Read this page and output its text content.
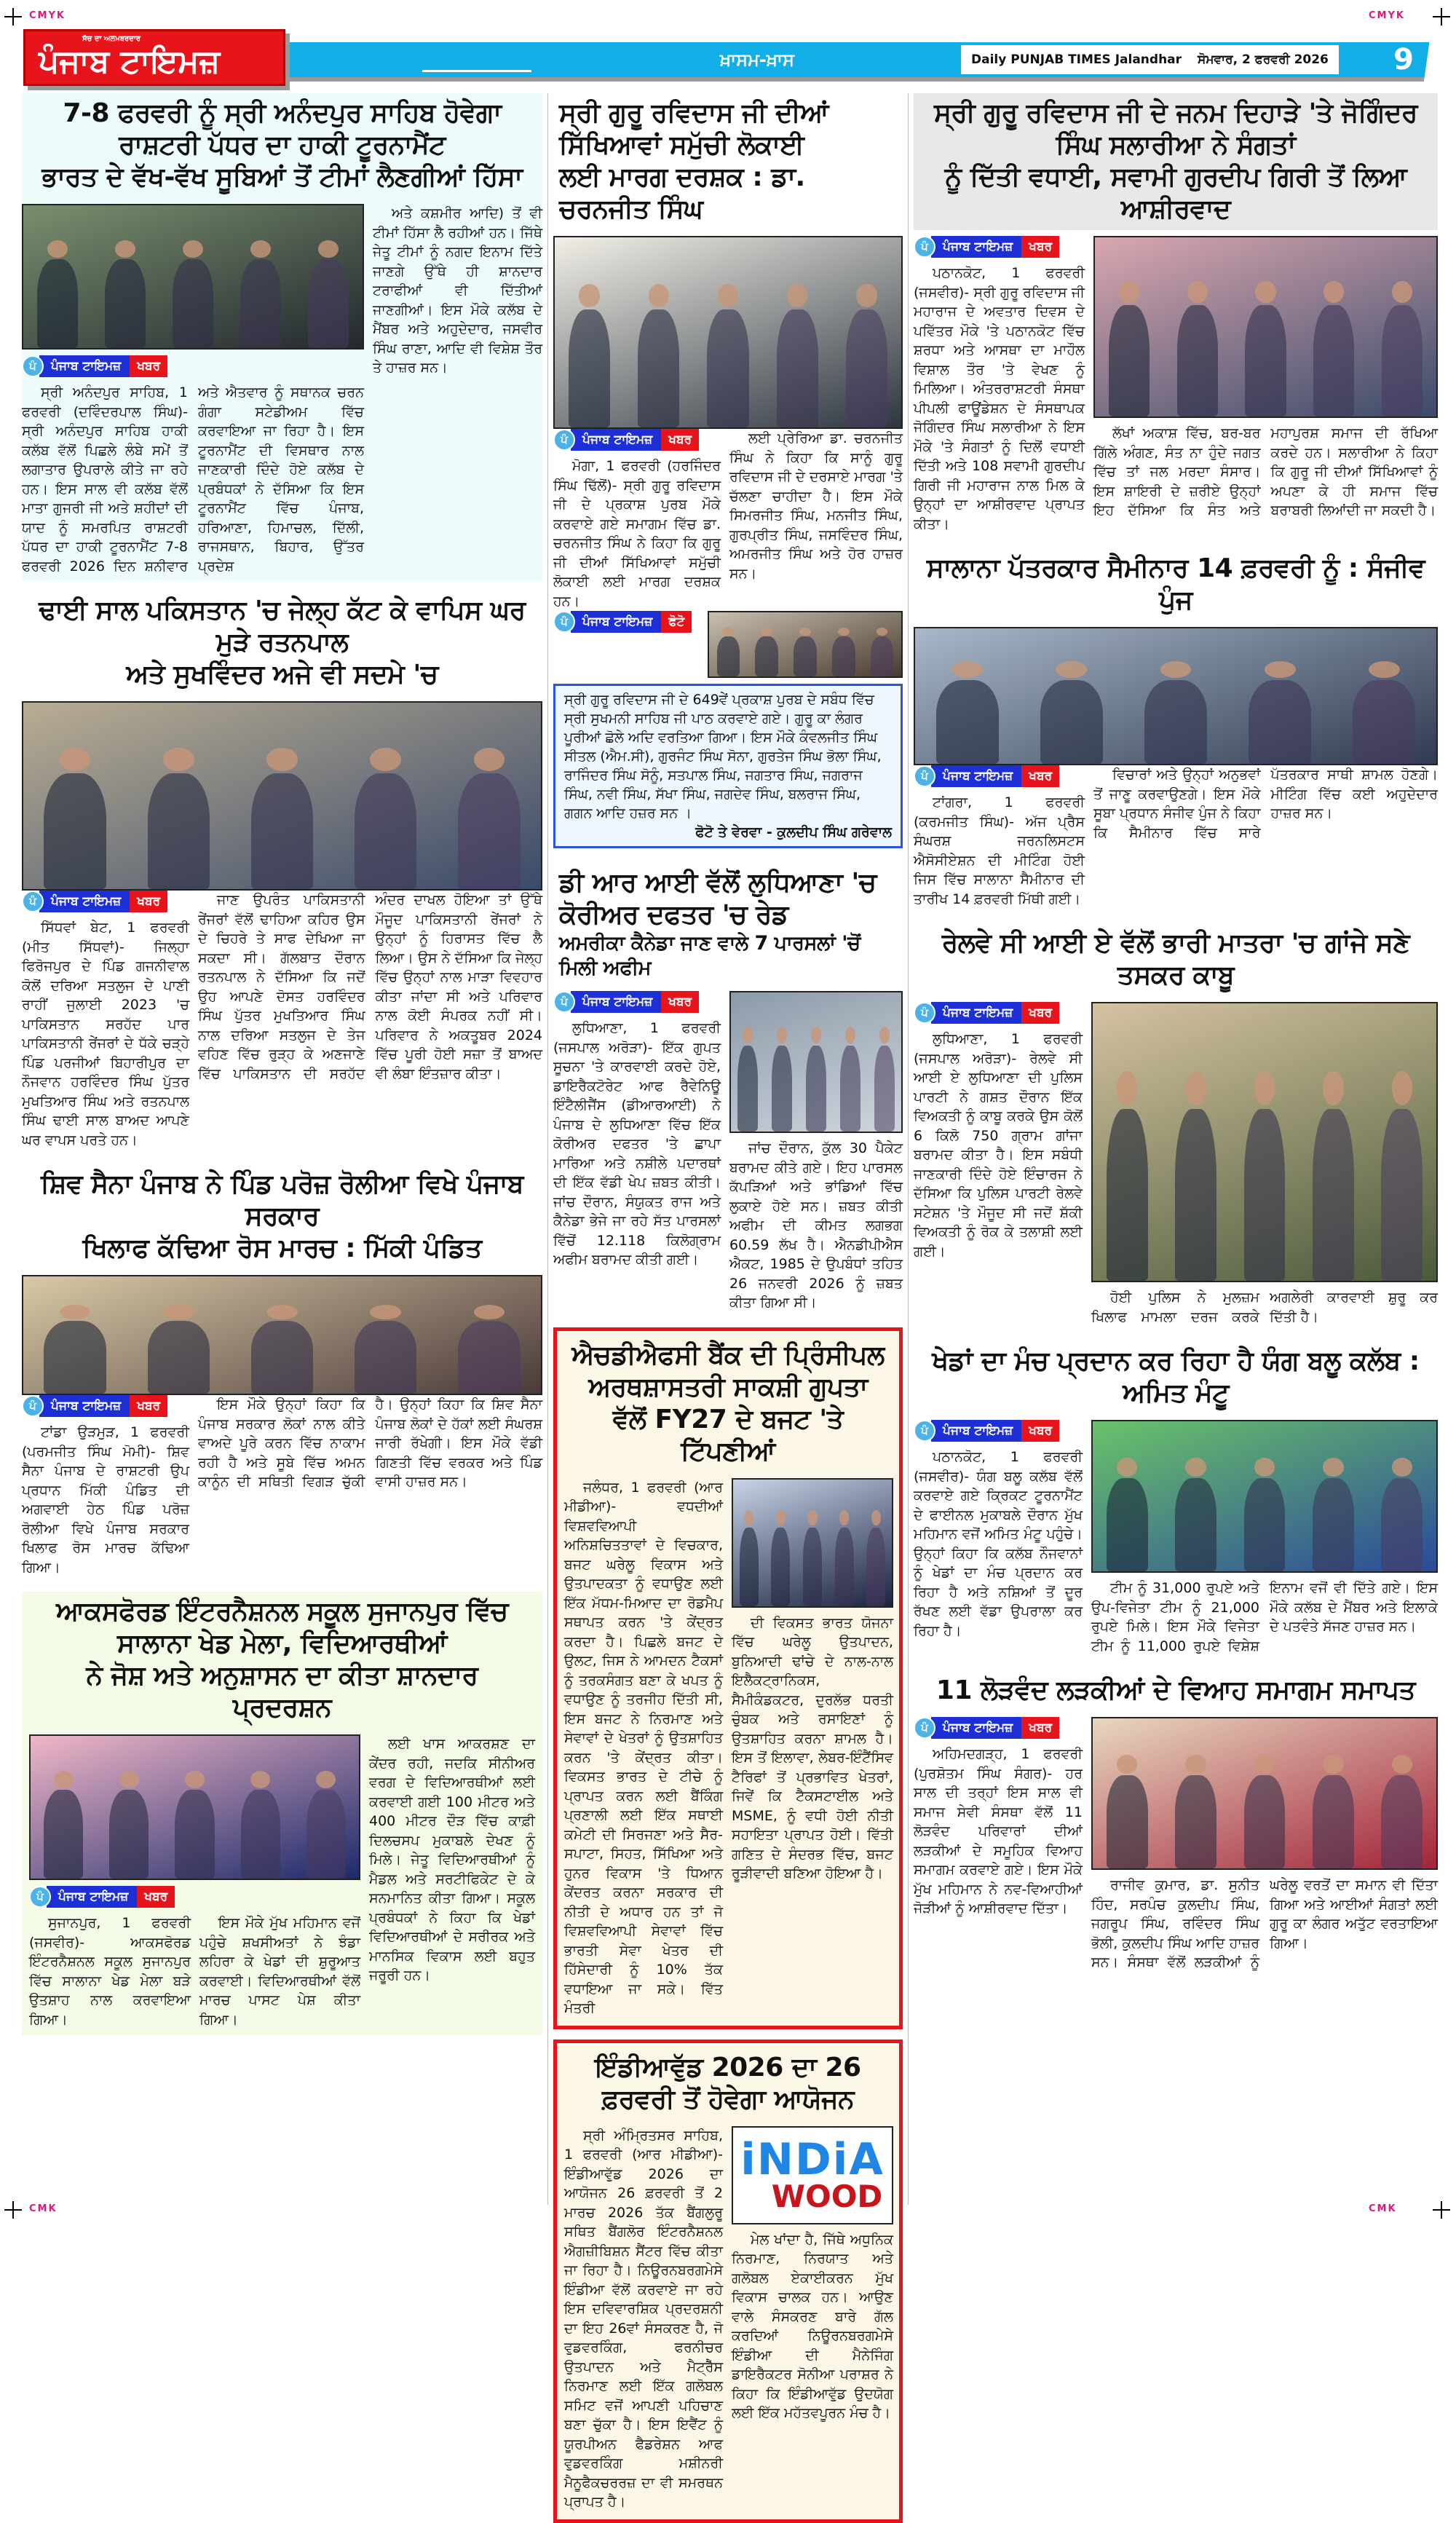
CMYK	CMYK
CMK	CMK
ਖ਼ਾਸਮ-ਖ਼ਾਸ	Daily PUNJAB TIMES Jalandhar ਸੋਮਵਾਰ, 2 ਫਰਵਰੀ 2026	9
ਸੱਚ ਦਾ ਅਲਮਬਰਦਾਰ
ਪੰਜਾਬ ਟਾਇਮਜ਼
7-8 ਫਰਵਰੀ ਨੂੰ ਸ੍ਰੀ ਅਨੰਦਪੁਰ ਸਾਹਿਬ ਹੋਵੇਗਾ ਰਾਸ਼ਟਰੀ ਪੱਧਰ ਦਾ ਹਾਕੀ ਟੂਰਨਾਮੈਂਟ
ਭਾਰਤ ਦੇ ਵੱਖ-ਵੱਖ ਸੂਬਿਆਂ ਤੋਂ ਟੀਮਾਂ ਲੈਣਗੀਆਂ ਹਿੱਸਾ
ਪੰ	ਪੰਜਾਬ ਟਾਇਮਜ਼	ਖਬਰ
ਸ੍ਰੀ ਅਨੰਦਪੁਰ ਸਾਹਿਬ, 1 ਫਰਵਰੀ (ਦਵਿੰਦਰਪਾਲ ਸਿੰਘ)- ਸ੍ਰੀ ਅਨੰਦਪੁਰ ਸਾਹਿਬ ਹਾਕੀ ਕਲੱਬ ਵੱਲੋਂ ਪਿਛਲੇ ਲੰਬੇ ਸਮੇਂ ਤੋਂ ਲਗਾਤਾਰ ਉਪਰਾਲੇ ਕੀਤੇ ਜਾ ਰਹੇ ਹਨ। ਇਸ ਸਾਲ ਵੀ ਕਲੱਬ ਵੱਲੋਂ ਮਾਤਾ ਗੁਜਰੀ ਜੀ ਅਤੇ ਸ਼ਹੀਦਾਂ ਦੀ ਯਾਦ ਨੂੰ ਸਮਰਪਿਤ ਰਾਸ਼ਟਰੀ ਪੱਧਰ ਦਾ ਹਾਕੀ ਟੂਰਨਾਮੈਂਟ 7-8 ਫਰਵਰੀ 2026 ਦਿਨ ਸ਼ਨੀਵਾਰ ਅਤੇ ਐਤਵਾਰ ਨੂੰ ਸਥਾਨਕ ਚਰਨ ਗੰਗਾ ਸਟੇਡੀਅਮ ਵਿੱਚ ਕਰਵਾਇਆ ਜਾ ਰਿਹਾ ਹੈ। ਇਸ ਟੂਰਨਾਮੈਂਟ ਦੀ ਵਿਸਥਾਰ ਨਾਲ ਜਾਣਕਾਰੀ ਦਿੰਦੇ ਹੋਏ ਕਲੱਬ ਦੇ ਪ੍ਰਬੰਧਕਾਂ ਨੇ ਦੱਸਿਆ ਕਿ ਇਸ ਟੂਰਨਾਮੈਂਟ ਵਿੱਚ ਪੰਜਾਬ, ਹਰਿਆਣਾ, ਹਿਮਾਚਲ, ਦਿੱਲੀ, ਰਾਜਸਥਾਨ, ਬਿਹਾਰ, ਉੱਤਰ ਪ੍ਰਦੇਸ਼
ਅਤੇ ਕਸ਼ਮੀਰ ਆਦਿ) ਤੋਂ ਵੀ ਟੀਮਾਂ ਹਿੱਸਾ ਲੈ ਰਹੀਆਂ ਹਨ। ਜਿੱਥੇ ਜੇਤੂ ਟੀਮਾਂ ਨੂੰ ਨਗਦ ਇਨਾਮ ਦਿੱਤੇ ਜਾਣਗੇ ਉੱਥੇ ਹੀ ਸ਼ਾਨਦਾਰ ਟਰਾਫੀਆਂ ਵੀ ਦਿੱਤੀਆਂ ਜਾਣਗੀਆਂ। ਇਸ ਮੌਕੇ ਕਲੱਬ ਦੇ ਮੈਂਬਰ ਅਤੇ ਅਹੁਦੇਦਾਰ, ਜਸਵੀਰ ਸਿੰਘ ਰਾਣਾ, ਆਦਿ ਵੀ ਵਿਸ਼ੇਸ਼ ਤੌਰ ਤੇ ਹਾਜ਼ਰ ਸਨ।
ਢਾਈ ਸਾਲ ਪਕਿਸਤਾਨ 'ਚ ਜੇਲ੍ਹ ਕੱਟ ਕੇ ਵਾਪਿਸ ਘਰ ਮੁੜੇ ਰਤਨਪਾਲ
ਅਤੇ ਸੁਖਵਿੰਦਰ ਅਜੇ ਵੀ ਸਦਮੇ 'ਚ
ਪੰ	ਪੰਜਾਬ ਟਾਇਮਜ਼	ਖਬਰ
ਸਿੱਧਵਾਂ ਬੇਟ, 1 ਫਰਵਰੀ (ਮੀਤ ਸਿੱਧਵਾਂ)- ਜਿਲ੍ਹਾ ਫਿਰੋਜਪੁਰ ਦੇ ਪਿੰਡ ਗਜਨੀਵਾਲ ਕੋਲੋਂ ਦਰਿਆ ਸਤਲੁਜ ਦੇ ਪਾਣੀ ਰਾਹੀਂ ਜੁਲਾਈ 2023 'ਚ ਪਾਕਿਸਤਾਨ ਸਰਹੱਦ ਪਾਰ ਪਾਕਿਸਤਾਨੀ ਰੇਂਜਰਾਂ ਦੇ ਧੱਕੇ ਚੜ੍ਹੇ ਪਿੰਡ ਪਰਜੀਆਂ ਬਿਹਾਰੀਪੁਰ ਦਾ ਨੌਜਵਾਨ ਹਰਵਿੰਦਰ ਸਿੰਘ ਪੁੱਤਰ ਮੁਖਤਿਆਰ ਸਿੰਘ ਅਤੇ ਰਤਨਪਾਲ ਸਿੰਘ ਢਾਈ ਸਾਲ ਬਾਅਦ ਆਪਣੇ ਘਰ ਵਾਪਸ ਪਰਤੇ ਹਨ।
ਜਾਣ ਉਪਰੰਤ ਪਾਕਿਸਤਾਨੀ ਰੇਂਜਰਾਂ ਵੱਲੋਂ ਢਾਹਿਆ ਕਹਿਰ ਉਸ ਦੇ ਚਿਹਰੇ ਤੇ ਸਾਫ ਦੇਖਿਆ ਜਾ ਸਕਦਾ ਸੀ। ਗੱਲਬਾਤ ਦੌਰਾਨ ਰਤਨਪਾਲ ਨੇ ਦੱਸਿਆ ਕਿ ਜਦੋਂ ਉਹ ਆਪਣੇ ਦੋਸਤ ਹਰਵਿੰਦਰ ਸਿੰਘ ਪੁੱਤਰ ਮੁਖਤਿਆਰ ਸਿੰਘ ਨਾਲ ਦਰਿਆ ਸਤਲੁਜ ਦੇ ਤੇਜ ਵਹਿਣ ਵਿੱਚ ਰੁੜ੍ਹ ਕੇ ਅਣਜਾਣੇ ਵਿੱਚ ਪਾਕਿਸਤਾਨ ਦੀ ਸਰਹੱਦ ਅੰਦਰ ਦਾਖਲ ਹੋਇਆ ਤਾਂ ਉੱਥੇ ਮੌਜੂਦ ਪਾਕਿਸਤਾਨੀ ਰੇਂਜਰਾਂ ਨੇ ਉਨ੍ਹਾਂ ਨੂੰ ਹਿਰਾਸਤ ਵਿੱਚ ਲੈ ਲਿਆ। ਉਸ ਨੇ ਦੱਸਿਆ ਕਿ ਜੇਲ੍ਹ ਵਿੱਚ ਉਨ੍ਹਾਂ ਨਾਲ ਮਾੜਾ ਵਿਵਹਾਰ ਕੀਤਾ ਜਾਂਦਾ ਸੀ ਅਤੇ ਪਰਿਵਾਰ ਨਾਲ ਕੋਈ ਸੰਪਰਕ ਨਹੀਂ ਸੀ। ਪਰਿਵਾਰ ਨੇ ਅਕਤੂਬਰ 2024 ਵਿੱਚ ਪੂਰੀ ਹੋਈ ਸਜ਼ਾ ਤੋਂ ਬਾਅਦ ਵੀ ਲੰਬਾ ਇੰਤਜ਼ਾਰ ਕੀਤਾ।
ਸ਼ਿਵ ਸੈਨਾ ਪੰਜਾਬ ਨੇ ਪਿੰਡ ਪਰੋਜ਼ ਰੋਲੀਆ ਵਿਖੇ ਪੰਜਾਬ ਸਰਕਾਰ
ਖਿਲਾਫ ਕੱਢਿਆ ਰੋਸ ਮਾਰਚ : ਮਿੱਕੀ ਪੰਡਿਤ
ਪੰ	ਪੰਜਾਬ ਟਾਇਮਜ਼	ਖਬਰ
ਟਾਂਡਾ ਉੜਮੁੜ, 1 ਫਰਵਰੀ (ਪਰਮਜੀਤ ਸਿੰਘ ਮੋਮੀ)- ਸ਼ਿਵ ਸੈਨਾ ਪੰਜਾਬ ਦੇ ਰਾਸ਼ਟਰੀ ਉਪ ਪ੍ਰਧਾਨ ਮਿੱਕੀ ਪੰਡਿਤ ਦੀ ਅਗਵਾਈ ਹੇਠ ਪਿੰਡ ਪਰੋਜ਼ ਰੋਲੀਆ ਵਿਖੇ ਪੰਜਾਬ ਸਰਕਾਰ ਖਿਲਾਫ ਰੋਸ ਮਾਰਚ ਕੱਢਿਆ ਗਿਆ।
ਇਸ ਮੌਕੇ ਉਨ੍ਹਾਂ ਕਿਹਾ ਕਿ ਪੰਜਾਬ ਸਰਕਾਰ ਲੋਕਾਂ ਨਾਲ ਕੀਤੇ ਵਾਅਦੇ ਪੂਰੇ ਕਰਨ ਵਿੱਚ ਨਾਕਾਮ ਰਹੀ ਹੈ ਅਤੇ ਸੂਬੇ ਵਿੱਚ ਅਮਨ ਕਾਨੂੰਨ ਦੀ ਸਥਿਤੀ ਵਿਗੜ ਚੁੱਕੀ ਹੈ। ਉਨ੍ਹਾਂ ਕਿਹਾ ਕਿ ਸ਼ਿਵ ਸੈਨਾ ਪੰਜਾਬ ਲੋਕਾਂ ਦੇ ਹੱਕਾਂ ਲਈ ਸੰਘਰਸ਼ ਜਾਰੀ ਰੱਖੇਗੀ। ਇਸ ਮੌਕੇ ਵੱਡੀ ਗਿਣਤੀ ਵਿੱਚ ਵਰਕਰ ਅਤੇ ਪਿੰਡ ਵਾਸੀ ਹਾਜ਼ਰ ਸਨ।
ਆਕਸਫੋਰਡ ਇੰਟਰਨੈਸ਼ਨਲ ਸਕੂਲ ਸੁਜਾਨਪੁਰ ਵਿੱਚ ਸਾਲਾਨਾ ਖੇਡ ਮੇਲਾ, ਵਿਦਿਆਰਥੀਆਂ
ਨੇ ਜੋਸ਼ ਅਤੇ ਅਨੁਸ਼ਾਸਨ ਦਾ ਕੀਤਾ ਸ਼ਾਨਦਾਰ ਪ੍ਰਦਰਸ਼ਨ
ਪੰ	ਪੰਜਾਬ ਟਾਇਮਜ਼	ਖਬਰ
ਸੁਜਾਨਪੁਰ, 1 ਫਰਵਰੀ (ਜਸਵੀਰ)- ਆਕਸਫੋਰਡ ਇੰਟਰਨੈਸ਼ਨਲ ਸਕੂਲ ਸੁਜਾਨਪੁਰ ਵਿੱਚ ਸਾਲਾਨਾ ਖੇਡ ਮੇਲਾ ਬੜੇ ਉਤਸ਼ਾਹ ਨਾਲ ਕਰਵਾਇਆ ਗਿਆ।
ਇਸ ਮੌਕੇ ਮੁੱਖ ਮਹਿਮਾਨ ਵਜੋਂ ਪਹੁੰਚੇ ਸ਼ਖਸੀਅਤਾਂ ਨੇ ਝੰਡਾ ਲਹਿਰਾ ਕੇ ਖੇਡਾਂ ਦੀ ਸ਼ੁਰੂਆਤ ਕਰਵਾਈ। ਵਿਦਿਆਰਥੀਆਂ ਵੱਲੋਂ ਮਾਰਚ ਪਾਸਟ ਪੇਸ਼ ਕੀਤਾ ਗਿਆ।
ਲਈ ਖਾਸ ਆਕਰਸ਼ਣ ਦਾ ਕੇਂਦਰ ਰਹੀ, ਜਦਕਿ ਸੀਨੀਅਰ ਵਰਗ ਦੇ ਵਿਦਿਆਰਥੀਆਂ ਲਈ ਕਰਵਾਈ ਗਈ 100 ਮੀਟਰ ਅਤੇ 400 ਮੀਟਰ ਦੌੜ ਵਿੱਚ ਕਾਫ਼ੀ ਦਿਲਚਸਪ ਮੁਕਾਬਲੇ ਦੇਖਣ ਨੂੰ ਮਿਲੇ। ਜੇਤੂ ਵਿਦਿਆਰਥੀਆਂ ਨੂੰ ਮੈਡਲ ਅਤੇ ਸਰਟੀਫਿਕੇਟ ਦੇ ਕੇ ਸਨਮਾਨਿਤ ਕੀਤਾ ਗਿਆ। ਸਕੂਲ ਪ੍ਰਬੰਧਕਾਂ ਨੇ ਕਿਹਾ ਕਿ ਖੇਡਾਂ ਵਿਦਿਆਰਥੀਆਂ ਦੇ ਸਰੀਰਕ ਅਤੇ ਮਾਨਸਿਕ ਵਿਕਾਸ ਲਈ ਬਹੁਤ ਜਰੂਰੀ ਹਨ।
ਸ੍ਰੀ ਗੁਰੂ ਰਵਿਦਾਸ ਜੀ ਦੀਆਂ ਸਿੱਖਿਆਵਾਂ ਸਮੁੱਚੀ ਲੋਕਾਈ
ਲਈ ਮਾਰਗ ਦਰਸ਼ਕ : ਡਾ. ਚਰਨਜੀਤ ਸਿੰਘ
ਪੰ	ਪੰਜਾਬ ਟਾਇਮਜ਼	ਖਬਰ
ਮੋਗਾ, 1 ਫਰਵਰੀ (ਹਰਜਿੰਦਰ ਸਿੰਘ ਢਿੱਲੋਂ)- ਸ੍ਰੀ ਗੁਰੂ ਰਵਿਦਾਸ ਜੀ ਦੇ ਪ੍ਰਕਾਸ਼ ਪੁਰਬ ਮੌਕੇ ਕਰਵਾਏ ਗਏ ਸਮਾਗਮ ਵਿੱਚ ਡਾ. ਚਰਨਜੀਤ ਸਿੰਘ ਨੇ ਕਿਹਾ ਕਿ ਗੁਰੂ ਜੀ ਦੀਆਂ ਸਿੱਖਿਆਵਾਂ ਸਮੁੱਚੀ ਲੋਕਾਈ ਲਈ ਮਾਰਗ ਦਰਸ਼ਕ ਹਨ।
ਲਈ ਪ੍ਰੇਰਿਆ ਡਾ. ਚਰਨਜੀਤ ਸਿੰਘ ਨੇ ਕਿਹਾ ਕਿ ਸਾਨੂੰ ਗੁਰੂ ਰਵਿਦਾਸ ਜੀ ਦੇ ਦਰਸਾਏ ਮਾਰਗ 'ਤੇ ਚੱਲਣਾ ਚਾਹੀਦਾ ਹੈ। ਇਸ ਮੌਕੇ ਸਿਮਰਜੀਤ ਸਿੰਘ, ਮਨਜੀਤ ਸਿੰਘ, ਗੁਰਪ੍ਰੀਤ ਸਿੰਘ, ਜਸਵਿੰਦਰ ਸਿੰਘ, ਅਮਰਜੀਤ ਸਿੰਘ ਅਤੇ ਹੋਰ ਹਾਜ਼ਰ ਸਨ।
ਪੰ	ਪੰਜਾਬ ਟਾਇਮਜ਼	ਫੋਟੋ
ਸ੍ਰੀ ਗੁਰੂ ਰਵਿਦਾਸ ਜੀ ਦੇ 649ਵੇਂ ਪ੍ਰਕਾਸ਼ ਪੁਰਬ ਦੇ ਸਬੰਧ ਵਿੱਚ ਸ੍ਰੀ ਸੁਖਮਨੀ ਸਾਹਿਬ ਜੀ ਪਾਠ ਕਰਵਾਏ ਗਏ। ਗੁਰੂ ਕਾ ਲੰਗਰ ਪੂਰੀਆਂ ਛੋਲੇ ਅਦਿ ਵਰਤਿਆ ਗਿਆ। ਇਸ ਮੌਕੇ ਕੰਵਲਜੀਤ ਸਿੰਘ ਸੀਤਲ (ਐਮ.ਸੀ), ਗੁਰਜੰਟ ਸਿੰਘ ਸੋਨਾ, ਗੁਰਤੇਜ ਸਿੰਘ ਭੋਲਾ ਸਿੰਘ, ਰਾਜਿੰਦਰ ਸਿੰਘ ਸੋਨੂੰ, ਸਤਪਾਲ ਸਿੰਘ, ਜਗਤਾਰ ਸਿੰਘ, ਜਗਰਾਜ ਸਿੰਘ, ਨਵੀ ਸਿੰਘ, ਸੱਖਾ ਸਿੰਘ, ਜਗਦੇਵ ਸਿੰਘ, ਬਲਰਾਜ ਸਿੰਘ, ਗਗਨ ਆਦਿ ਹਜ਼ਰ ਸਨ ।
ਫੋਟੋ ਤੇ ਵੇਰਵਾ - ਕੁਲਦੀਪ ਸਿੰਘ ਗਰੇਵਾਲ
ਡੀ ਆਰ ਆਈ ਵੱਲੋਂ ਲੁਧਿਆਣਾ 'ਚ ਕੋਰੀਅਰ ਦਫਤਰ 'ਚ ਰੇਡ
ਅਮਰੀਕਾ ਕੈਨੇਡਾ ਜਾਣ ਵਾਲੇ 7 ਪਾਰਸਲਾਂ 'ਚੋਂ ਮਿਲੀ ਅਫੀਮ
ਪੰ	ਪੰਜਾਬ ਟਾਇਮਜ਼	ਖਬਰ
ਲੁਧਿਆਣਾ, 1 ਫਰਵਰੀ (ਜਸਪਾਲ ਅਰੋੜਾ)- ਇੱਕ ਗੁਪਤ ਸੂਚਨਾ 'ਤੇ ਕਾਰਵਾਈ ਕਰਦੇ ਹੋਏ, ਡਾਇਰੈਕਟੋਰੇਟ ਆਫ ਰੈਵੇਨਿਊ ਇੰਟੈਲੀਜੈਂਸ (ਡੀਆਰਆਈ) ਨੇ ਪੰਜਾਬ ਦੇ ਲੁਧਿਆਣਾ ਵਿੱਚ ਇੱਕ ਕੋਰੀਅਰ ਦਫਤਰ 'ਤੇ ਛਾਪਾ ਮਾਰਿਆ ਅਤੇ ਨਸ਼ੀਲੇ ਪਦਾਰਥਾਂ ਦੀ ਇੱਕ ਵੱਡੀ ਖੇਪ ਜ਼ਬਤ ਕੀਤੀ। ਜਾਂਚ ਦੌਰਾਨ, ਸੰਯੁਕਤ ਰਾਜ ਅਤੇ ਕੈਨੇਡਾ ਭੇਜੇ ਜਾ ਰਹੇ ਸੱਤ ਪਾਰਸਲਾਂ ਵਿੱਚੋਂ 12.118 ਕਿਲੋਗ੍ਰਾਮ ਅਫੀਮ ਬਰਾਮਦ ਕੀਤੀ ਗਈ।
ਜਾਂਚ ਦੌਰਾਨ, ਕੁੱਲ 30 ਪੈਕੇਟ ਬਰਾਮਦ ਕੀਤੇ ਗਏ। ਇਹ ਪਾਰਸਲ ਕੱਪੜਿਆਂ ਅਤੇ ਭਾਂਡਿਆਂ ਵਿੱਚ ਲੁਕਾਏ ਹੋਏ ਸਨ। ਜ਼ਬਤ ਕੀਤੀ ਅਫੀਮ ਦੀ ਕੀਮਤ ਲਗਭਗ 60.59 ਲੱਖ ਹੈ। ਐਨਡੀਪੀਐਸ ਐਕਟ, 1985 ਦੇ ਉਪਬੰਧਾਂ ਤਹਿਤ 26 ਜਨਵਰੀ 2026 ਨੂੰ ਜ਼ਬਤ ਕੀਤਾ ਗਿਆ ਸੀ।
ਐਚਡੀਐਫਸੀ ਬੈਂਕ ਦੀ ਪ੍ਰਿੰਸੀਪਲ ਅਰਥਸ਼ਾਸਤਰੀ ਸਾਕਸ਼ੀ ਗੁਪਤਾ
ਵੱਲੋਂ FY27 ਦੇ ਬਜਟ 'ਤੇ ਟਿੱਪਣੀਆਂ
ਜਲੰਧਰ, 1 ਫਰਵਰੀ (ਆਰ ਮੀਡੀਆ)- ਵਧਦੀਆਂ ਵਿਸ਼ਵਵਿਆਪੀ ਅਨਿਸ਼ਚਿਤਤਾਵਾਂ ਦੇ ਵਿਚਕਾਰ, ਬਜਟ ਘਰੇਲੂ ਵਿਕਾਸ ਅਤੇ ਉਤਪਾਦਕਤਾ ਨੂੰ ਵਧਾਉਣ ਲਈ ਇੱਕ ਮੱਧਮ-ਮਿਆਦ ਦਾ ਰੋਡਮੈਪ ਸਥਾਪਤ ਕਰਨ 'ਤੇ ਕੇਂਦ੍ਰਤ ਕਰਦਾ ਹੈ। ਪਿਛਲੇ ਬਜਟ ਦੇ ਉਲਟ, ਜਿਸ ਨੇ ਆਮਦਨ ਟੈਕਸਾਂ ਨੂੰ ਤਰਕਸੰਗਤ ਬਣਾ ਕੇ ਖਪਤ ਨੂੰ ਵਧਾਉਣ ਨੂੰ ਤਰਜੀਹ ਦਿੱਤੀ ਸੀ, ਇਸ ਬਜਟ ਨੇ ਨਿਰਮਾਣ ਅਤੇ ਸੇਵਾਵਾਂ ਦੇ ਖੇਤਰਾਂ ਨੂੰ ਉਤਸ਼ਾਹਿਤ ਕਰਨ 'ਤੇ ਕੇਂਦ੍ਰਤ ਕੀਤਾ। ਵਿਕਸਤ ਭਾਰਤ ਦੇ ਟੀਚੇ ਨੂੰ ਪ੍ਰਾਪਤ ਕਰਨ ਲਈ ਬੈਂਕਿੰਗ ਪ੍ਰਣਾਲੀ ਲਈ ਇੱਕ ਸਥਾਈ ਕਮੇਟੀ ਦੀ ਸਿਰਜਣਾ ਅਤੇ ਸੈਰ-ਸਪਾਟਾ, ਸਿਹਤ, ਸਿੱਖਿਆ ਅਤੇ ਹੁਨਰ ਵਿਕਾਸ 'ਤੇ ਧਿਆਨ ਕੇਂਦਰਤ ਕਰਨਾ ਸਰਕਾਰ ਦੀ ਨੀਤੀ ਦੇ ਅਧਾਰ ਹਨ ਤਾਂ ਜੋ ਵਿਸ਼ਵਵਿਆਪੀ ਸੇਵਾਵਾਂ ਵਿੱਚ ਭਾਰਤੀ ਸੇਵਾ ਖੇਤਰ ਦੀ ਹਿੱਸੇਦਾਰੀ ਨੂੰ 10% ਤੱਕ ਵਧਾਇਆ ਜਾ ਸਕੇ। ਵਿੱਤ ਮੰਤਰੀ
ਦੀ ਵਿਕਸਤ ਭਾਰਤ ਯੋਜਨਾ ਵਿੱਚ ਘਰੇਲੂ ਉਤਪਾਦਨ, ਬੁਨਿਆਦੀ ਢਾਂਚੇ ਦੇ ਨਾਲ-ਨਾਲ ਇਲੈਕਟ੍ਰਾਨਿਕਸ, ਸੈਮੀਕੰਡਕਟਰ, ਦੁਰਲੱਭ ਧਰਤੀ ਚੁੰਬਕ ਅਤੇ ਰਸਾਇਣਾਂ ਨੂੰ ਉਤਸ਼ਾਹਿਤ ਕਰਨਾ ਸ਼ਾਮਲ ਹੈ। ਇਸ ਤੋਂ ਇਲਾਵਾ, ਲੇਬਰ-ਇੰਟੈਂਸਿਵ ਟੈਰਿਫਾਂ ਤੋਂ ਪ੍ਰਭਾਵਿਤ ਖੇਤਰਾਂ, ਜਿਵੇਂ ਕਿ ਟੈਕਸਟਾਈਲ ਅਤੇ MSME, ਨੂੰ ਵਧੀ ਹੋਈ ਨੀਤੀ ਸਹਾਇਤਾ ਪ੍ਰਾਪਤ ਹੋਈ। ਵਿੱਤੀ ਗਣਿਤ ਦੇ ਸੰਦਰਭ ਵਿੱਚ, ਬਜਟ ਰੂੜੀਵਾਦੀ ਬਣਿਆ ਹੋਇਆ ਹੈ।
ਇੰਡੀਆਵੁੱਡ 2026 ਦਾ 26 ਫ਼ਰਵਰੀ ਤੋਂ ਹੋਵੇਗਾ ਆਯੋਜਨ
ਸ੍ਰੀ ਅੰਮ੍ਰਿਤਸਰ ਸਾਹਿਬ, 1 ਫਰਵਰੀ (ਆਰ ਮੀਡੀਆ)- ਇੰਡੀਆਵੁੱਡ 2026 ਦਾ ਆਯੋਜਨ 26 ਫ਼ਰਵਰੀ ਤੋਂ 2 ਮਾਰਚ 2026 ਤੱਕ ਬੈਂਗਲੁਰੂ ਸਥਿਤ ਬੈਂਗਲੋਰ ਇੰਟਰਨੈਸ਼ਨਲ ਐਗਜ਼ੀਬਿਸ਼ਨ ਸੈਂਟਰ ਵਿੱਚ ਕੀਤਾ ਜਾ ਰਿਹਾ ਹੈ। ਨਿਊਰਨਬਰਗਮੇਸੇ ਇੰਡੀਆ ਵੱਲੋਂ ਕਰਵਾਏ ਜਾ ਰਹੇ ਇਸ ਦਵਿਵਾਰਸ਼ਿਕ ਪ੍ਰਦਰਸ਼ਨੀ ਦਾ ਇਹ 26ਵਾਂ ਸੰਸਕਰਣ ਹੈ, ਜੋ ਵੁਡਵਰਕਿੰਗ, ਫਰਨੀਚਰ ਉਤਪਾਦਨ ਅਤੇ ਮੈਟ੍ਰੈੱਸ ਨਿਰਮਾਣ ਲਈ ਇੱਕ ਗਲੋਬਲ ਸਮਿਟ ਵਜੋਂ ਆਪਣੀ ਪਹਿਚਾਣ ਬਣਾ ਚੁੱਕਾ ਹੈ। ਇਸ ਇਵੈਂਟ ਨੂੰ ਯੂਰਪੀਅਨ ਫੈਡਰੇਸ਼ਨ ਆਫ ਵੁਡਵਰਕਿੰਗ ਮਸ਼ੀਨਰੀ ਮੈਨੂਫੈਕਚਰਰਜ਼ ਦਾ ਵੀ ਸਮਰਥਨ ਪ੍ਰਾਪਤ ਹੈ।
iNDiA
WOOD
ਮੇਲ ਖਾਂਦਾ ਹੈ, ਜਿੱਥੇ ਅਧੁਨਿਕ ਨਿਰਮਾਣ, ਨਿਰਯਾਤ ਅਤੇ ਗਲੋਬਲ ਏਕਾਈਕਰਨ ਮੁੱਖ ਵਿਕਾਸ ਚਾਲਕ ਹਨ। ਆਉਣ ਵਾਲੇ ਸੰਸਕਰਣ ਬਾਰੇ ਗੱਲ ਕਰਦਿਆਂ ਨਿਊਰਨਬਰਗਮੇਸੇ ਇੰਡੀਆ ਦੀ ਮੈਨੇਜਿੰਗ ਡਾਇਰੈਕਟਰ ਸੋਨੀਆ ਪਰਾਸ਼ਰ ਨੇ ਕਿਹਾ ਕਿ ਇੰਡੀਆਵੁੱਡ ਉਦਯੋਗ ਲਈ ਇੱਕ ਮਹੱਤਵਪੂਰਨ ਮੰਚ ਹੈ।
ਸ੍ਰੀ ਗੁਰੂ ਰਵਿਦਾਸ ਜੀ ਦੇ ਜਨਮ ਦਿਹਾੜੇ 'ਤੇ ਜੋਗਿੰਦਰ ਸਿੰਘ ਸਲਾਰੀਆ ਨੇ ਸੰਗਤਾਂ
ਨੂੰ ਦਿੱਤੀ ਵਧਾਈ, ਸਵਾਮੀ ਗੁਰਦੀਪ ਗਿਰੀ ਤੋਂ ਲਿਆ ਆਸ਼ੀਰਵਾਦ
ਪੰ	ਪੰਜਾਬ ਟਾਇਮਜ਼	ਖਬਰ
ਪਠਾਨਕੋਟ, 1 ਫਰਵਰੀ (ਜਸਵੀਰ)- ਸ੍ਰੀ ਗੁਰੂ ਰਵਿਦਾਸ ਜੀ ਮਹਾਰਾਜ ਦੇ ਅਵਤਾਰ ਦਿਵਸ ਦੇ ਪਵਿੱਤਰ ਮੌਕੇ 'ਤੇ ਪਠਾਨਕੋਟ ਵਿੱਚ ਸ਼ਰਧਾ ਅਤੇ ਆਸਥਾ ਦਾ ਮਾਹੌਲ ਵਿਸ਼ਾਲ ਤੌਰ 'ਤੇ ਵੇਖਣ ਨੂੰ ਮਿਲਿਆ। ਅੰਤਰਰਾਸ਼ਟਰੀ ਸੰਸਥਾ ਪੀਪਲੀ ਫਾਊਂਡੇਸ਼ਨ ਦੇ ਸੰਸਥਾਪਕ ਜੋਗਿੰਦਰ ਸਿੰਘ ਸਲਾਰੀਆ ਨੇ ਇਸ ਮੌਕੇ 'ਤੇ ਸੰਗਤਾਂ ਨੂੰ ਦਿਲੋਂ ਵਧਾਈ ਦਿੱਤੀ ਅਤੇ 108 ਸਵਾਮੀ ਗੁਰਦੀਪ ਗਿਰੀ ਜੀ ਮਹਾਰਾਜ ਨਾਲ ਮਿਲ ਕੇ ਉਨ੍ਹਾਂ ਦਾ ਆਸ਼ੀਰਵਾਦ ਪ੍ਰਾਪਤ ਕੀਤਾ।
ਲੱਖਾਂ ਅਕਾਸ਼ ਵਿੱਚ, ਬਰ-ਬਰ ਗਿੱਲੇ ਅੰਗਣ, ਸੰਤ ਨਾ ਹੁੰਦੇ ਜਗਤ ਵਿੱਚ ਤਾਂ ਜਲ ਮਰਦਾ ਸੰਸਾਰ। ਇਸ ਸ਼ਾਇਰੀ ਦੇ ਜ਼ਰੀਏ ਉਨ੍ਹਾਂ ਇਹ ਦੱਸਿਆ ਕਿ ਸੰਤ ਅਤੇ ਮਹਾਪੁਰਸ਼ ਸਮਾਜ ਦੀ ਰੱਖਿਆ ਕਰਦੇ ਹਨ। ਸਲਾਰੀਆ ਨੇ ਕਿਹਾ ਕਿ ਗੁਰੂ ਜੀ ਦੀਆਂ ਸਿੱਖਿਆਵਾਂ ਨੂੰ ਅਪਣਾ ਕੇ ਹੀ ਸਮਾਜ ਵਿੱਚ ਬਰਾਬਰੀ ਲਿਆਂਦੀ ਜਾ ਸਕਦੀ ਹੈ।
ਸਾਲਾਨਾ ਪੱਤਰਕਾਰ ਸੈਮੀਨਾਰ 14 ਫ਼ਰਵਰੀ ਨੂੰ : ਸੰਜੀਵ ਪੁੰਜ
ਪੰ	ਪੰਜਾਬ ਟਾਇਮਜ਼	ਖਬਰ
ਟਾਂਗਰਾ, 1 ਫਰਵਰੀ (ਕਰਮਜੀਤ ਸਿੰਘ)- ਅੱਜ ਪ੍ਰੈਸ ਸੰਘਰਸ਼ ਜਰਨਲਿਸਟਸ ਐਸੋਸੀਏਸ਼ਨ ਦੀ ਮੀਟਿੰਗ ਹੋਈ ਜਿਸ ਵਿੱਚ ਸਾਲਾਨਾ ਸੈਮੀਨਾਰ ਦੀ ਤਾਰੀਖ 14 ਫ਼ਰਵਰੀ ਮਿੱਥੀ ਗਈ।
ਵਿਚਾਰਾਂ ਅਤੇ ਉਨ੍ਹਾਂ ਅਨੁਭਵਾਂ ਤੋਂ ਜਾਣੂ ਕਰਵਾਉਣਗੇ। ਇਸ ਮੌਕੇ ਸੂਬਾ ਪ੍ਰਧਾਨ ਸੰਜੀਵ ਪੁੰਜ ਨੇ ਕਿਹਾ ਕਿ ਸੈਮੀਨਾਰ ਵਿੱਚ ਸਾਰੇ ਪੱਤਰਕਾਰ ਸਾਥੀ ਸ਼ਾਮਲ ਹੋਣਗੇ। ਮੀਟਿੰਗ ਵਿੱਚ ਕਈ ਅਹੁਦੇਦਾਰ ਹਾਜ਼ਰ ਸਨ।
ਰੇਲਵੇ ਸੀ ਆਈ ਏ ਵੱਲੋਂ ਭਾਰੀ ਮਾਤਰਾ 'ਚ ਗਾਂਜੇ ਸਣੇ ਤਸਕਰ ਕਾਬੂ
ਪੰ	ਪੰਜਾਬ ਟਾਇਮਜ਼	ਖਬਰ
ਲੁਧਿਆਣਾ, 1 ਫਰਵਰੀ (ਜਸਪਾਲ ਅਰੋੜਾ)- ਰੇਲਵੇ ਸੀ ਆਈ ਏ ਲੁਧਿਆਣਾ ਦੀ ਪੁਲਿਸ ਪਾਰਟੀ ਨੇ ਗਸ਼ਤ ਦੌਰਾਨ ਇੱਕ ਵਿਅਕਤੀ ਨੂੰ ਕਾਬੂ ਕਰਕੇ ਉਸ ਕੋਲੋਂ 6 ਕਿਲੋ 750 ਗ੍ਰਾਮ ਗਾਂਜਾ ਬਰਾਮਦ ਕੀਤਾ ਹੈ। ਇਸ ਸਬੰਧੀ ਜਾਣਕਾਰੀ ਦਿੰਦੇ ਹੋਏ ਇੰਚਾਰਜ ਨੇ ਦੱਸਿਆ ਕਿ ਪੁਲਿਸ ਪਾਰਟੀ ਰੇਲਵੇ ਸਟੇਸ਼ਨ 'ਤੇ ਮੌਜੂਦ ਸੀ ਜਦੋਂ ਸ਼ੱਕੀ ਵਿਅਕਤੀ ਨੂੰ ਰੋਕ ਕੇ ਤਲਾਸ਼ੀ ਲਈ ਗਈ।
ਹੋਈ ਪੁਲਿਸ ਨੇ ਮੁਲਜ਼ਮ ਖਿਲਾਫ ਮਾਮਲਾ ਦਰਜ ਕਰਕੇ ਅਗਲੇਰੀ ਕਾਰਵਾਈ ਸ਼ੁਰੂ ਕਰ ਦਿੱਤੀ ਹੈ।
ਖੇਡਾਂ ਦਾ ਮੰਚ ਪ੍ਰਦਾਨ ਕਰ ਰਿਹਾ ਹੈ ਯੰਗ ਬਲੂ ਕਲੱਬ : ਅਮਿਤ ਮੰਟੂ
ਪੰ	ਪੰਜਾਬ ਟਾਇਮਜ਼	ਖਬਰ
ਪਠਾਨਕੋਟ, 1 ਫਰਵਰੀ (ਜਸਵੀਰ)- ਯੰਗ ਬਲੂ ਕਲੱਬ ਵੱਲੋਂ ਕਰਵਾਏ ਗਏ ਕ੍ਰਿਕਟ ਟੂਰਨਾਮੈਂਟ ਦੇ ਫਾਈਨਲ ਮੁਕਾਬਲੇ ਦੌਰਾਨ ਮੁੱਖ ਮਹਿਮਾਨ ਵਜੋਂ ਅਮਿਤ ਮੰਟੂ ਪਹੁੰਚੇ। ਉਨ੍ਹਾਂ ਕਿਹਾ ਕਿ ਕਲੱਬ ਨੌਜਵਾਨਾਂ ਨੂੰ ਖੇਡਾਂ ਦਾ ਮੰਚ ਪ੍ਰਦਾਨ ਕਰ ਰਿਹਾ ਹੈ ਅਤੇ ਨਸ਼ਿਆਂ ਤੋਂ ਦੂਰ ਰੱਖਣ ਲਈ ਵੱਡਾ ਉਪਰਾਲਾ ਕਰ ਰਿਹਾ ਹੈ।
ਟੀਮ ਨੂੰ 31,000 ਰੁਪਏ ਅਤੇ ਉਪ-ਵਿਜੇਤਾ ਟੀਮ ਨੂੰ 21,000 ਰੁਪਏ ਮਿਲੇ। ਇਸ ਮੌਕੇ ਵਿਜੇਤਾ ਟੀਮ ਨੂੰ 11,000 ਰੁਪਏ ਵਿਸ਼ੇਸ਼ ਇਨਾਮ ਵਜੋਂ ਵੀ ਦਿੱਤੇ ਗਏ। ਇਸ ਮੌਕੇ ਕਲੱਬ ਦੇ ਮੈਂਬਰ ਅਤੇ ਇਲਾਕੇ ਦੇ ਪਤਵੰਤੇ ਸੱਜਣ ਹਾਜ਼ਰ ਸਨ।
11 ਲੋੜਵੰਦ ਲੜਕੀਆਂ ਦੇ ਵਿਆਹ ਸਮਾਗਮ ਸਮਾਪਤ
ਪੰ	ਪੰਜਾਬ ਟਾਇਮਜ਼	ਖਬਰ
ਅਹਿਮਦਗੜ੍ਹ, 1 ਫਰਵਰੀ (ਪੁਰਸ਼ੋਤਮ ਸਿੰਘ ਸੰਗਰ)- ਹਰ ਸਾਲ ਦੀ ਤਰ੍ਹਾਂ ਇਸ ਸਾਲ ਵੀ ਸਮਾਜ ਸੇਵੀ ਸੰਸਥਾ ਵੱਲੋਂ 11 ਲੋੜਵੰਦ ਪਰਿਵਾਰਾਂ ਦੀਆਂ ਲੜਕੀਆਂ ਦੇ ਸਮੂਹਿਕ ਵਿਆਹ ਸਮਾਗਮ ਕਰਵਾਏ ਗਏ। ਇਸ ਮੌਕੇ ਮੁੱਖ ਮਹਿਮਾਨ ਨੇ ਨਵ-ਵਿਆਹੀਆਂ ਜੋੜੀਆਂ ਨੂੰ ਆਸ਼ੀਰਵਾਦ ਦਿੱਤਾ।
ਰਾਜੀਵ ਕੁਮਾਰ, ਡਾ. ਸੁਨੀਤ ਹਿੰਦ, ਸਰਪੰਚ ਕੁਲਦੀਪ ਸਿੰਘ, ਜਗਰੂਪ ਸਿੰਘ, ਰਵਿੰਦਰ ਸਿੰਘ ਭੋਲੀ, ਕੁਲਦੀਪ ਸਿੰਘ ਆਦਿ ਹਾਜ਼ਰ ਸਨ। ਸੰਸਥਾ ਵੱਲੋਂ ਲੜਕੀਆਂ ਨੂੰ ਘਰੇਲੂ ਵਰਤੋਂ ਦਾ ਸਮਾਨ ਵੀ ਦਿੱਤਾ ਗਿਆ ਅਤੇ ਆਈਆਂ ਸੰਗਤਾਂ ਲਈ ਗੁਰੂ ਕਾ ਲੰਗਰ ਅਤੁੱਟ ਵਰਤਾਇਆ ਗਿਆ।
